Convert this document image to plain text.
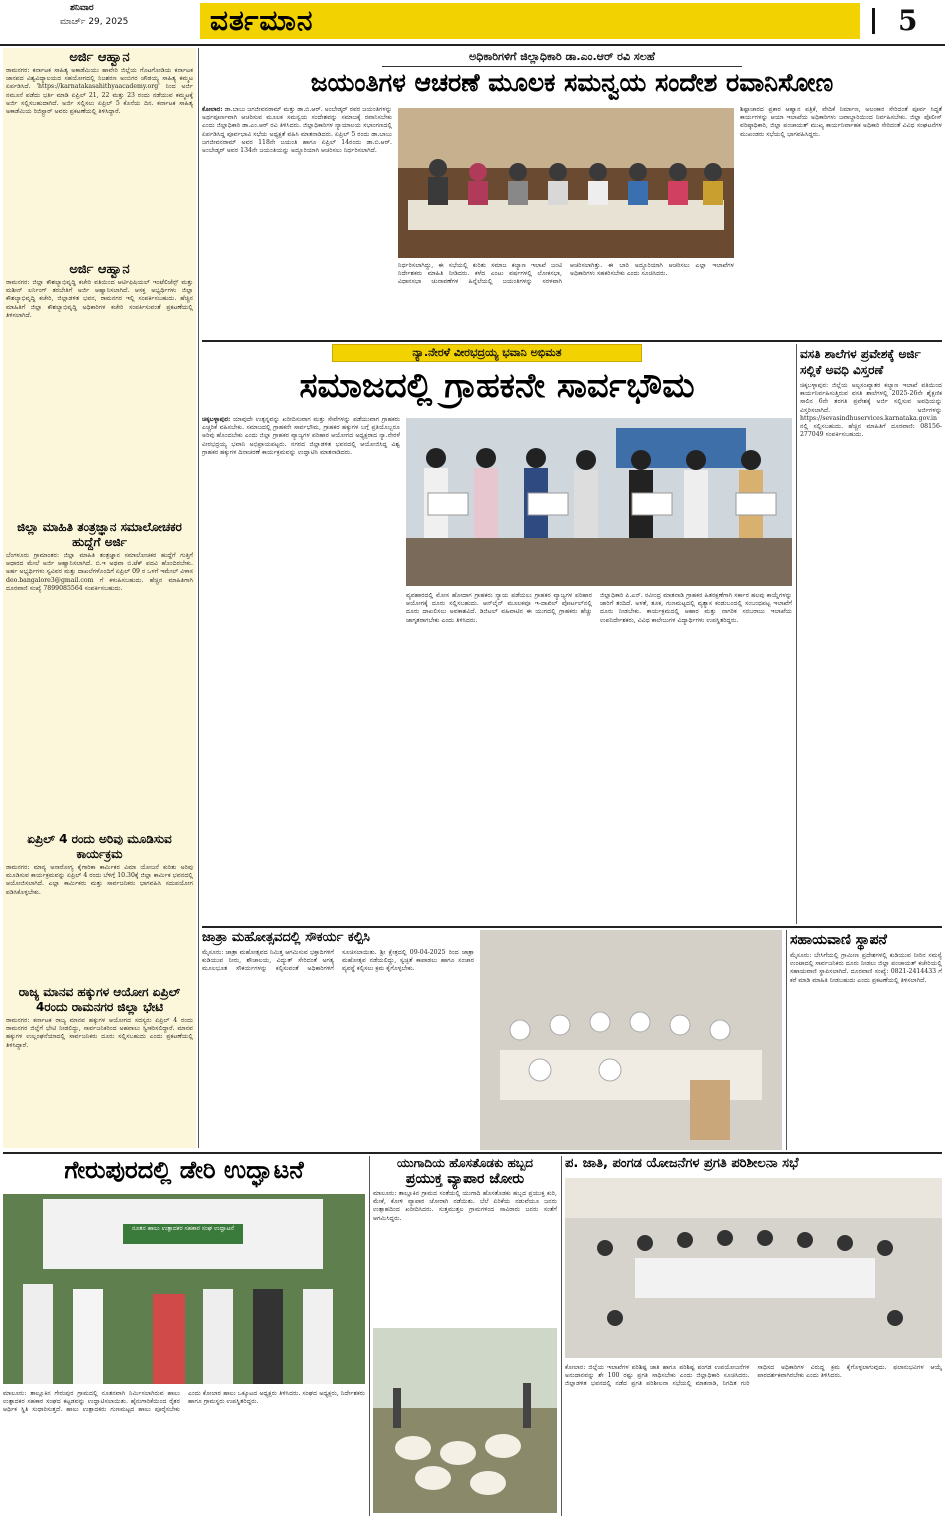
ಶನಿವಾರ
ಮಾರ್ಚ್ 29, 2025	ವರ್ತಮಾನ	5
ಅರ್ಜಿ ಆಹ್ವಾನ
ರಾಮನಗರ: ಕರ್ನಾಟಕ ಸಾಹಿತ್ಯ ಅಕಾಡೆಮಿಯು ಹಾವೇರಿ ಜಿಲ್ಲೆಯ ಗೊಟಗೋಡಿಯ ಕರ್ನಾಟಕ ಜಾನಪದ ವಿಶ್ವವಿದ್ಯಾಲಯದ ಸಹಯೋಗದಲ್ಲಿ ನಿಜಶರಣ ಅಂಬಿಗರ ಚೌಡಯ್ಯ ಸಾಹಿತ್ಯ ಕಮ್ಮಟ ಏರ್ಪಡಿಸಿದೆ. 'https://karnatakasahithyaacademy.org' ನಿಂದ ಅರ್ಜಿ ನಮೂನೆ ಪಡೆದು ಭರ್ತಿ ಮಾಡಿ ಏಪ್ರಿಲ್ 21, 22 ಮತ್ತು 23 ರಂದು ನಡೆಯುವ ಕಮ್ಮಟಕ್ಕೆ ಅರ್ಜಿ ಸಲ್ಲಿಸಬಹುದಾಗಿದೆ. ಅರ್ಜಿ ಸಲ್ಲಿಸಲು ಏಪ್ರಿಲ್ 5 ಕೊನೆಯ ದಿನ. ಕರ್ನಾಟಕ ಸಾಹಿತ್ಯ ಅಕಾಡೆಮಿಯ ರಿಜಿಸ್ಟ್ರಾರ್ ಅವರು ಪ್ರಕಟಣೆಯಲ್ಲಿ ತಿಳಿಸಿದ್ದಾರೆ.
ಅರ್ಜಿ ಆಹ್ವಾನ
ರಾಮನಗರ: ಜಿಲ್ಲಾ ಕೌಶಲ್ಯಾಭಿವೃದ್ಧಿ ಕಚೇರಿ ವತಿಯಿಂದ ಆರ್ಟಿಫಿಷಿಯಲ್ ಇಂಟೆಲಿಜೆನ್ಸ್ ಮತ್ತು ಮಶೀನ್ ಲರ್ನಿಂಗ್ ತರಬೇತಿಗೆ ಅರ್ಜಿ ಆಹ್ವಾನಿಸಲಾಗಿದೆ. ಆಸಕ್ತ ಅಭ್ಯರ್ಥಿಗಳು ಜಿಲ್ಲಾ ಕೌಶಲ್ಯಾಭಿವೃದ್ಧಿ ಕಚೇರಿ, ಜಿಲ್ಲಾಡಳಿತ ಭವನ, ರಾಮನಗರ ಇಲ್ಲಿ ಸಂಪರ್ಕಿಸಬಹುದು. ಹೆಚ್ಚಿನ ಮಾಹಿತಿಗೆ ಜಿಲ್ಲಾ ಕೌಶಲ್ಯಾಭಿವೃದ್ಧಿ ಅಧಿಕಾರಿಗಳ ಕಚೇರಿ ಸಂಪರ್ಕಿಸುವಂತೆ ಪ್ರಕಟಣೆಯಲ್ಲಿ ತಿಳಿಸಲಾಗಿದೆ.
ಜಿಲ್ಲಾ ಮಾಹಿತಿ ತಂತ್ರಜ್ಞಾನ ಸಮಾಲೋಚಕರ ಹುದ್ದೆಗೆ ಅರ್ಜಿ
ಬೆಂಗಳೂರು ಗ್ರಾಮಾಂತರ: ಜಿಲ್ಲಾ ಮಾಹಿತಿ ತಂತ್ರಜ್ಞಾನ ಸಮಾಲೋಚಕರ ಹುದ್ದೆಗೆ ಗುತ್ತಿಗೆ ಆಧಾರದ ಮೇಲೆ ಅರ್ಜಿ ಆಹ್ವಾನಿಸಲಾಗಿದೆ. ಬಿ.ಇ ಅಥವಾ ಬಿ.ಟೆಕ್ ಪದವಿ ಹೊಂದಿರಬೇಕು. ಅರ್ಹ ಅಭ್ಯರ್ಥಿಗಳು ಸ್ವವಿವರ ಮತ್ತು ದಾಖಲೆಗಳೊಂದಿಗೆ ಏಪ್ರಿಲ್ 09 ರ ಒಳಗೆ ಇಮೇಲ್ ವಿಳಾಸ deo.bangalore3@gmail.com ಗೆ ಕಳುಹಿಸಬಹುದು. ಹೆಚ್ಚಿನ ಮಾಹಿತಿಗಾಗಿ ದೂರವಾಣಿ ಸಂಖ್ಯೆ 7899085564 ಸಂಪರ್ಕಿಸಬಹುದು.
ಏಪ್ರಿಲ್ 4 ರಂದು ಅರಿವು ಮೂಡಿಸುವ ಕಾರ್ಯಕ್ರಮ
ರಾಮನಗರ: ಮಾನ್ಯ ಅನಾರೋಗ್ಯ ಕೈಗಾರಿಕಾ ಕಾರ್ಮಿಕರ ವಿಮಾ ಯೋಜನೆ ಕುರಿತು ಅರಿವು ಮೂಡಿಸುವ ಕಾರ್ಯಕ್ರಮವನ್ನು ಏಪ್ರಿಲ್ 4 ರಂದು ಬೆಳಿಗ್ಗೆ 10.30ಕ್ಕೆ ಜಿಲ್ಲಾ ಕಾರ್ಮಿಕ ಭವನದಲ್ಲಿ ಆಯೋಜಿಸಲಾಗಿದೆ. ಎಲ್ಲಾ ಕಾರ್ಮಿಕರು ಮತ್ತು ಸಾರ್ವಜನಿಕರು ಭಾಗವಹಿಸಿ ಸದುಪಯೋಗ ಪಡಿಸಿಕೊಳ್ಳಬೇಕು.
ರಾಜ್ಯ ಮಾನವ ಹಕ್ಕುಗಳ ಆಯೋಗ ಏಪ್ರಿಲ್ 4ರಂದು ರಾಮನಗರ ಜಿಲ್ಲಾ ಭೇಟಿ
ರಾಮನಗರ: ಕರ್ನಾಟಕ ರಾಜ್ಯ ಮಾನವ ಹಕ್ಕುಗಳ ಆಯೋಗದ ಸದಸ್ಯರು ಏಪ್ರಿಲ್ 4 ರಂದು ರಾಮನಗರ ಜಿಲ್ಲೆಗೆ ಭೇಟಿ ನೀಡಲಿದ್ದು, ಸಾರ್ವಜನಿಕರಿಂದ ಅಹವಾಲು ಸ್ವೀಕರಿಸಲಿದ್ದಾರೆ. ಮಾನವ ಹಕ್ಕುಗಳ ಉಲ್ಲಂಘನೆಯಾದಲ್ಲಿ ಸಾರ್ವಜನಿಕರು ದೂರು ಸಲ್ಲಿಸಬಹುದು ಎಂದು ಪ್ರಕಟಣೆಯಲ್ಲಿ ತಿಳಿಸಿದ್ದಾರೆ.
ಅಧಿಕಾರಿಗಳಿಗೆ ಜಿಲ್ಲಾಧಿಕಾರಿ ಡಾ.ಎಂ.ಆರ್ ರವಿ ಸಲಹೆ
ಜಯಂತಿಗಳ ಆಚರಣೆ ಮೂಲಕ ಸಮನ್ವಯ ಸಂದೇಶ ರವಾನಿಸೋಣ
ಕೋಲಾರ: ಡಾ.ಬಾಬು ಜಗಜೀವನರಾಮ್ ಮತ್ತು ಡಾ.ಬಿ.ಆರ್. ಅಂಬೇಡ್ಕರ್ ರವರ ಜಯಂತಿಗಳನ್ನು ಅರ್ಥಪೂರ್ಣವಾಗಿ ಆಚರಿಸುವ ಮೂಲಕ ಸಮನ್ವಯ ಸಂದೇಶವನ್ನು ಸಮಾಜಕ್ಕೆ ರವಾನಿಸಬೇಕು ಎಂದು ಜಿಲ್ಲಾಧಿಕಾರಿ ಡಾ.ಎಂ.ಆರ್ ರವಿ ತಿಳಿಸಿದರು. ಜಿಲ್ಲಾಧಿಕಾರಿಗಳ ನ್ಯಾಯಾಲಯ ಸಭಾಂಗಣದಲ್ಲಿ ಏರ್ಪಡಿಸಿದ್ದ ಪೂರ್ವಭಾವಿ ಸಭೆಯ ಅಧ್ಯಕ್ಷತೆ ವಹಿಸಿ ಮಾತನಾಡಿದರು. ಏಪ್ರಿಲ್ 5 ರಂದು ಡಾ.ಬಾಬು ಜಗಜೀವನರಾಮ್ ಅವರ 118ನೇ ಜಯಂತಿ ಹಾಗೂ ಏಪ್ರಿಲ್ 14ರಂದು ಡಾ.ಬಿ.ಆರ್. ಅಂಬೇಡ್ಕರ್ ಅವರ 134ನೇ ಜಯಂತಿಯನ್ನು ಅದ್ದೂರಿಯಾಗಿ ಆಚರಿಸಲು ನಿರ್ಧರಿಸಲಾಗಿದೆ.
ನಿರ್ಧರಿಸಲಾಗಿದ್ದು, ಈ ಸಭೆಯಲ್ಲಿ ಕುರಿತು ಸಮಾಜ ಕಲ್ಯಾಣ ಇಲಾಖೆ ಜಂಟಿ ನಿರ್ದೇಶಕರು ಮಾಹಿತಿ ನೀಡಿದರು. ಕಳೆದ ಎಂಟು ವರ್ಷಗಳಲ್ಲಿ ಲೋಕಸಭಾ, ವಿಧಾನಸಭಾ ಚುನಾವಣೆಗಳ ಹಿನ್ನೆಲೆಯಲ್ಲಿ ಜಯಂತಿಗಳನ್ನು ಸರಳವಾಗಿ ಆಚರಿಸಲಾಗಿತ್ತು. ಈ ಬಾರಿ ಅದ್ದೂರಿಯಾಗಿ ಆಚರಿಸಲು ಎಲ್ಲಾ ಇಲಾಖೆಗಳ ಅಧಿಕಾರಿಗಳು ಸಹಕರಿಸಬೇಕು ಎಂದು ಸೂಚಿಸಿದರು.
ಶಿಷ್ಟಾಚಾರದ ಪ್ರಕಾರ ಆಹ್ವಾನ ಪತ್ರಿಕೆ, ವೇದಿಕೆ ನಿರ್ಮಾಣ, ಅಲಂಕಾರ ಸೇರಿದಂತೆ ಪೂರ್ವ ಸಿದ್ಧತೆ ಕಾರ್ಯಗಳನ್ನು ಆಯಾ ಇಲಾಖೆಯ ಅಧಿಕಾರಿಗಳು ಜವಾಬ್ದಾರಿಯಿಂದ ನಿರ್ವಹಿಸಬೇಕು. ಜಿಲ್ಲಾ ಪೊಲೀಸ್ ವರಿಷ್ಠಾಧಿಕಾರಿ, ಜಿಲ್ಲಾ ಪಂಚಾಯತ್ ಮುಖ್ಯ ಕಾರ್ಯನಿರ್ವಾಹಕ ಅಧಿಕಾರಿ ಸೇರಿದಂತೆ ವಿವಿಧ ಸಂಘಟನೆಗಳ ಮುಖಂಡರು ಸಭೆಯಲ್ಲಿ ಭಾಗವಹಿಸಿದ್ದರು.
ನ್ಯಾ.ನೇರಳೆ ವೀರಭದ್ರಯ್ಯ ಭವಾನಿ ಅಭಿಮತ
ಸಮಾಜದಲ್ಲಿ ಗ್ರಾಹಕನೇ ಸಾರ್ವಭೌಮ
ಚಿಕ್ಕಬಳ್ಳಾಪುರ: ಯಾವುದೇ ಉತ್ಪನ್ನವನ್ನು ಖರೀದಿಸುವಾಗ ಮತ್ತು ಸೇವೆಗಳನ್ನು ಪಡೆಯುವಾಗ ಗ್ರಾಹಕರು ಎಚ್ಚರಿಕೆ ವಹಿಸಬೇಕು. ಸಮಾಜದಲ್ಲಿ ಗ್ರಾಹಕನೇ ಸಾರ್ವಭೌಮ, ಗ್ರಾಹಕರ ಹಕ್ಕುಗಳ ಬಗ್ಗೆ ಪ್ರತಿಯೊಬ್ಬರೂ ಅರಿವು ಹೊಂದಬೇಕು ಎಂದು ಜಿಲ್ಲಾ ಗ್ರಾಹಕರ ವ್ಯಾಜ್ಯಗಳ ಪರಿಹಾರ ಆಯೋಗದ ಅಧ್ಯಕ್ಷರಾದ ನ್ಯಾ.ನೇರಳೆ ವೀರಭದ್ರಯ್ಯ ಭವಾನಿ ಅಭಿಪ್ರಾಯಪಟ್ಟರು. ನಗರದ ಜಿಲ್ಲಾಡಳಿತ ಭವನದಲ್ಲಿ ಆಯೋಜಿಸಿದ್ದ ವಿಶ್ವ ಗ್ರಾಹಕರ ಹಕ್ಕುಗಳ ದಿನಾಚರಣೆ ಕಾರ್ಯಕ್ರಮವನ್ನು ಉದ್ಘಾಟಿಸಿ ಮಾತನಾಡಿದರು.
ವ್ಯವಹಾರದಲ್ಲಿ ಮೋಸ ಹೋದಾಗ ಗ್ರಾಹಕರು ನ್ಯಾಯ ಪಡೆಯಲು ಗ್ರಾಹಕರ ವ್ಯಾಜ್ಯಗಳ ಪರಿಹಾರ ಆಯೋಗಕ್ಕೆ ದೂರು ಸಲ್ಲಿಸಬಹುದು. ಆನ್‌ಲೈನ್ ಮೂಲಕವೂ ಇ-ದಾಖಿಲ್ ಪೋರ್ಟಲ್‌ನಲ್ಲಿ ದೂರು ದಾಖಲಿಸಲು ಅವಕಾಶವಿದೆ. ಡಿಜಿಟಲ್ ವಹಿವಾಟಿನ ಈ ಯುಗದಲ್ಲಿ ಗ್ರಾಹಕರು ಹೆಚ್ಚು ಜಾಗೃತರಾಗಬೇಕು ಎಂದು ತಿಳಿಸಿದರು.
ಜಿಲ್ಲಾಧಿಕಾರಿ ಪಿ.ಎನ್. ರವೀಂದ್ರ ಮಾತನಾಡಿ ಗ್ರಾಹಕರ ಹಿತರಕ್ಷಣೆಗಾಗಿ ಸರ್ಕಾರ ಹಲವು ಕಾಯ್ದೆಗಳನ್ನು ಜಾರಿಗೆ ತಂದಿದೆ. ಅಳತೆ, ತೂಕ, ಗುಣಮಟ್ಟದಲ್ಲಿ ವ್ಯತ್ಯಾಸ ಕಂಡುಬಂದಲ್ಲಿ ಸಂಬಂಧಪಟ್ಟ ಇಲಾಖೆಗೆ ದೂರು ನೀಡಬೇಕು. ಕಾರ್ಯಕ್ರಮದಲ್ಲಿ ಆಹಾರ ಮತ್ತು ನಾಗರಿಕ ಸರಬರಾಜು ಇಲಾಖೆಯ ಉಪನಿರ್ದೇಶಕರು, ವಿವಿಧ ಕಾಲೇಜುಗಳ ವಿದ್ಯಾರ್ಥಿಗಳು ಉಪಸ್ಥಿತರಿದ್ದರು.
ವಸತಿ ಶಾಲೆಗಳ ಪ್ರವೇಶಕ್ಕೆ ಅರ್ಜಿ ಸಲ್ಲಿಕೆ ಅವಧಿ ವಿಸ್ತರಣೆ
ಚಿಕ್ಕಬಳ್ಳಾಪುರ: ಜಿಲ್ಲೆಯ ಅಲ್ಪಸಂಖ್ಯಾತರ ಕಲ್ಯಾಣ ಇಲಾಖೆ ವತಿಯಿಂದ ಕಾರ್ಯನಿರ್ವಹಿಸುತ್ತಿರುವ ವಸತಿ ಶಾಲೆಗಳಲ್ಲಿ 2025-26ನೇ ಶೈಕ್ಷಣಿಕ ಸಾಲಿನ 6ನೇ ತರಗತಿ ಪ್ರವೇಶಕ್ಕೆ ಅರ್ಜಿ ಸಲ್ಲಿಸುವ ಅವಧಿಯನ್ನು ವಿಸ್ತರಿಸಲಾಗಿದೆ. ಅರ್ಜಿಗಳನ್ನು https://sevasindhuservices.karnataka.gov.in ನಲ್ಲಿ ಸಲ್ಲಿಸಬಹುದು. ಹೆಚ್ಚಿನ ಮಾಹಿತಿಗೆ ದೂರವಾಣಿ: 08156-277049 ಸಂಪರ್ಕಿಸಬಹುದು.
ಜಾತ್ರಾ ಮಹೋತ್ಸವದಲ್ಲಿ ಸೌಕರ್ಯ ಕಲ್ಪಿಸಿ
ಮೈಸೂರು: ಜಾತ್ರಾ ಮಹೋತ್ಸವದ ನಿಮಿತ್ತ ಆಗಮಿಸುವ ಭಕ್ತಾದಿಗಳಿಗೆ ಕುಡಿಯುವ ನೀರು, ಶೌಚಾಲಯ, ವಿದ್ಯುತ್ ಸೇರಿದಂತೆ ಅಗತ್ಯ ಮೂಲಭೂತ ಸೌಕರ್ಯಗಳನ್ನು ಕಲ್ಪಿಸುವಂತೆ ಅಧಿಕಾರಿಗಳಿಗೆ ಸೂಚಿಸಲಾಯಿತು. ಶ್ರೀ ಕ್ಷೇತ್ರದಲ್ಲಿ 09-04-2025 ರಿಂದ ಜಾತ್ರಾ ಮಹೋತ್ಸವ ನಡೆಯಲಿದ್ದು, ಸ್ವಚ್ಛತೆ ಕಾಪಾಡಲು ಹಾಗೂ ಸಂಚಾರ ವ್ಯವಸ್ಥೆ ಕಲ್ಪಿಸಲು ಕ್ರಮ ಕೈಗೊಳ್ಳಬೇಕು.
ಸಹಾಯವಾಣಿ ಸ್ಥಾಪನೆ
ಮೈಸೂರು: ಬೇಸಿಗೆಯಲ್ಲಿ ಗ್ರಾಮೀಣ ಪ್ರದೇಶಗಳಲ್ಲಿ ಕುಡಿಯುವ ನೀರಿನ ಸಮಸ್ಯೆ ಉಂಟಾದಲ್ಲಿ ಸಾರ್ವಜನಿಕರು ದೂರು ನೀಡಲು ಜಿಲ್ಲಾ ಪಂಚಾಯತ್ ಕಚೇರಿಯಲ್ಲಿ ಸಹಾಯವಾಣಿ ಸ್ಥಾಪಿಸಲಾಗಿದೆ. ದೂರವಾಣಿ ಸಂಖ್ಯೆ: 0821-2414433 ಗೆ ಕರೆ ಮಾಡಿ ಮಾಹಿತಿ ನೀಡಬಹುದು ಎಂದು ಪ್ರಕಟಣೆಯಲ್ಲಿ ತಿಳಿಸಲಾಗಿದೆ.
ಗೇರುಪುರದಲ್ಲಿ ಡೇರಿ ಉದ್ಘಾಟನೆ
ನೂತನ ಹಾಲು ಉತ್ಪಾದಕರ ಸಹಕಾರ ಸಂಘ ಉದ್ಘಾಟನೆ
ಮಾಲೂರು: ತಾಲ್ಲೂಕಿನ ಗೇರುಪುರ ಗ್ರಾಮದಲ್ಲಿ ನೂತನವಾಗಿ ನಿರ್ಮಿಸಲಾಗಿರುವ ಹಾಲು ಉತ್ಪಾದಕರ ಸಹಕಾರ ಸಂಘದ ಕಟ್ಟಡವನ್ನು ಉದ್ಘಾಟಿಸಲಾಯಿತು. ಹೈನುಗಾರಿಕೆಯಿಂದ ರೈತರ ಆರ್ಥಿಕ ಸ್ಥಿತಿ ಸುಧಾರಿಸುತ್ತದೆ. ಹಾಲು ಉತ್ಪಾದಕರು ಗುಣಮಟ್ಟದ ಹಾಲು ಪೂರೈಸಬೇಕು ಎಂದು ಕೋಲಾರ ಹಾಲು ಒಕ್ಕೂಟದ ಅಧ್ಯಕ್ಷರು ತಿಳಿಸಿದರು. ಸಂಘದ ಅಧ್ಯಕ್ಷರು, ನಿರ್ದೇಶಕರು ಹಾಗೂ ಗ್ರಾಮಸ್ಥರು ಉಪಸ್ಥಿತರಿದ್ದರು.
ಯುಗಾದಿಯ ಹೊಸತೊಡಕು ಹಬ್ಬದ
ಪ್ರಯುಕ್ತ ವ್ಯಾಪಾರ ಜೋರು
ಮಾಲೂರು: ತಾಲ್ಲೂಕಿನ ಗ್ರಾಮದ ಸಂತೆಯಲ್ಲಿ ಯುಗಾದಿ ಹೊಸತೊಡಕು ಹಬ್ಬದ ಪ್ರಯುಕ್ತ ಕುರಿ, ಮೇಕೆ, ಕೋಳಿ ವ್ಯಾಪಾರ ಜೋರಾಗಿ ನಡೆಯಿತು. ಬೆಲೆ ಏರಿಕೆಯ ನಡುವೆಯೂ ಜನರು ಉತ್ಸಾಹದಿಂದ ಖರೀದಿಸಿದರು. ಸುತ್ತಮುತ್ತಲ ಗ್ರಾಮಗಳಿಂದ ಸಾವಿರಾರು ಜನರು ಸಂತೆಗೆ ಆಗಮಿಸಿದ್ದರು.
ಪ. ಜಾತಿ, ಪಂಗಡ ಯೋಜನೆಗಳ ಪ್ರಗತಿ ಪರಿಶೀಲನಾ ಸಭೆ
ಕೋಲಾರ: ಜಿಲ್ಲೆಯ ಇಲಾಖೆಗಳ ಪರಿಶಿಷ್ಟ ಜಾತಿ ಹಾಗೂ ಪರಿಶಿಷ್ಟ ಪಂಗಡ ಉಪಯೋಜನೆಗಳ ಅನುದಾನವನ್ನು ಶೇ 100 ರಷ್ಟು ಪ್ರಗತಿ ಸಾಧಿಸಬೇಕು ಎಂದು ಜಿಲ್ಲಾಧಿಕಾರಿ ಸೂಚಿಸಿದರು. ಜಿಲ್ಲಾಡಳಿತ ಭವನದಲ್ಲಿ ನಡೆದ ಪ್ರಗತಿ ಪರಿಶೀಲನಾ ಸಭೆಯಲ್ಲಿ ಮಾತನಾಡಿ, ನಿಗದಿತ ಗುರಿ ಸಾಧಿಸದ ಅಧಿಕಾರಿಗಳ ವಿರುದ್ಧ ಕ್ರಮ ಕೈಗೊಳ್ಳಲಾಗುವುದು. ಫಲಾನುಭವಿಗಳ ಆಯ್ಕೆ ಪಾರದರ್ಶಕವಾಗಿರಬೇಕು ಎಂದು ತಿಳಿಸಿದರು.
